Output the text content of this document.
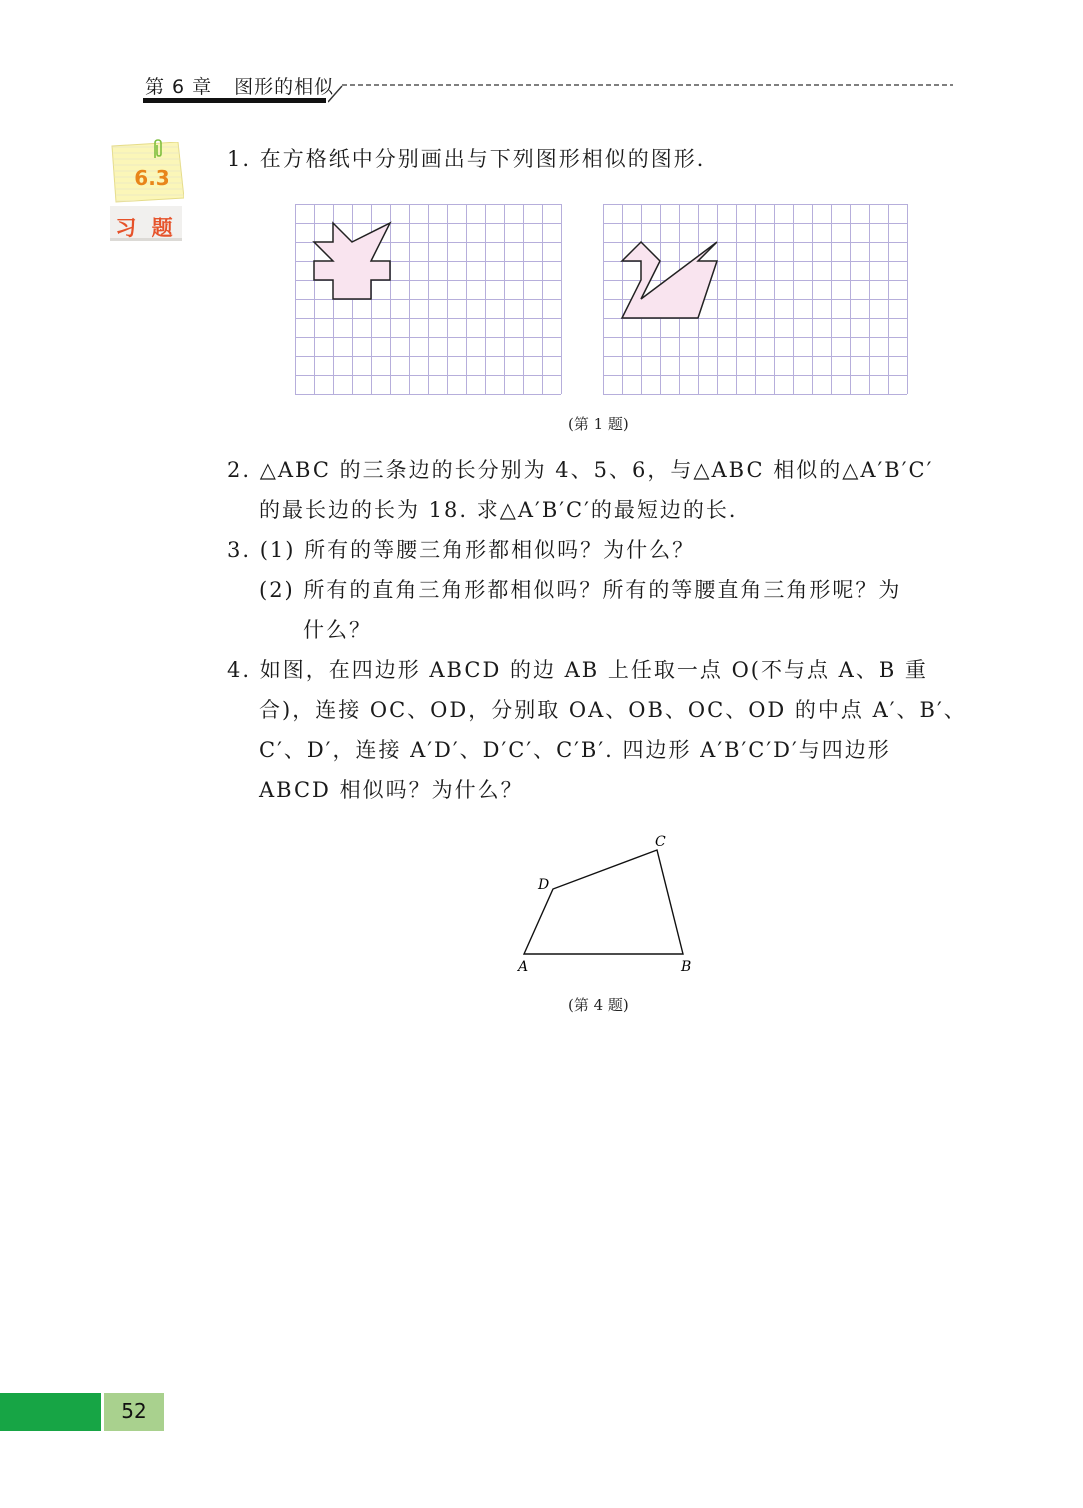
第 6 章 图形的相似
6.3
习 题
1. 在方格纸中分别画出与下列图形相似的图形．
(第 1 题)
2. △ABC 的三条边的长分别为 4、5、6，与△ABC 相似的△A′B′C′
的最长边的长为 18. 求△A′B′C′的最短边的长．
3. (1) 所有的等腰三角形都相似吗？为什么？
(2) 所有的直角三角形都相似吗？所有的等腰直角三角形呢？为
什么？
4. 如图，在四边形 ABCD 的边 AB 上任取一点 O(不与点 A、B 重
合)，连接 OC、OD，分别取 OA、OB、OC、OD 的中点 A′、B′、
C′、D′，连接 A′D′、D′C′、C′B′. 四边形 A′B′C′D′与四边形
ABCD 相似吗？为什么？
A	B
C
D
(第 4 题)
52
